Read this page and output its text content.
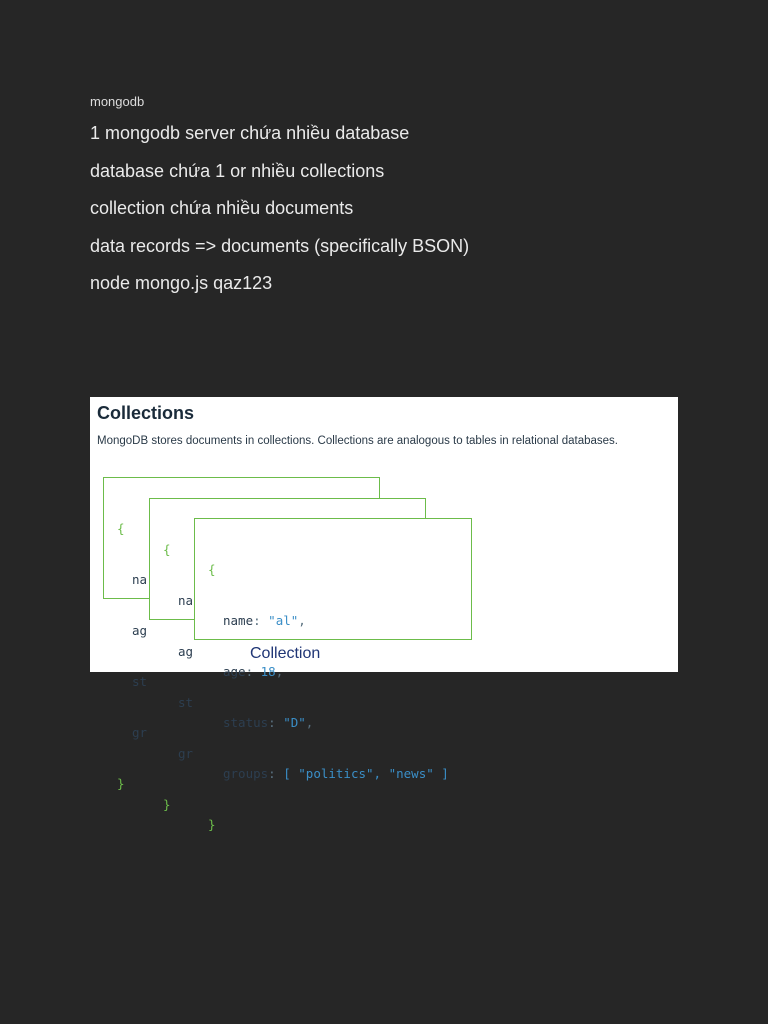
mongodb
1 mongodb server chứa nhiều database
database chứa 1 or nhiều collections
collection chứa nhiều documents
data records => documents (specifically BSON)
node mongo.js qaz123
Collections
MongoDB stores documents in collections. Collections are analogous to tables in relational databases.

{

na

ag

st

gr

}

{

na

ag

st

gr

}

{

name: "al",

age: 18,

status: "D",

groups: [ "politics", "news" ]

}

Collection
